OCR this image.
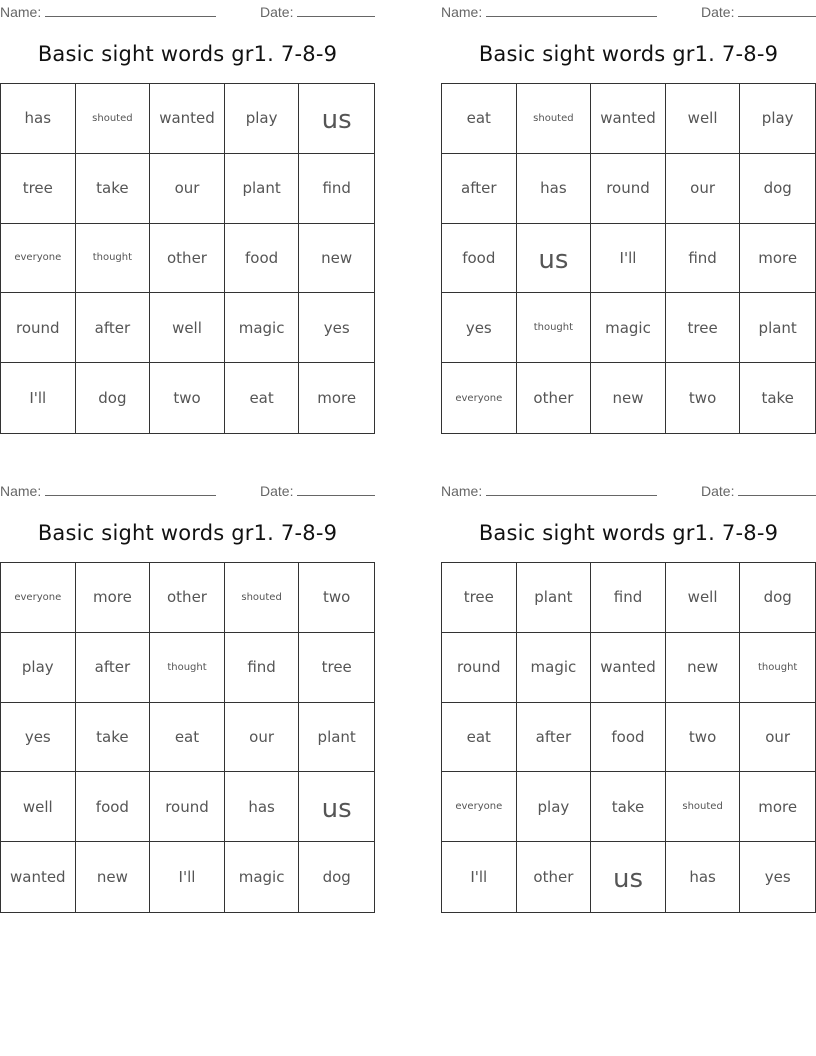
Name:	Date:
Basic sight words gr1. 7-8-9
has	shouted	wanted	play	us
tree	take	our	plant	find
everyone	thought	other	food	new
round	after	well	magic	yes
I'll	dog	two	eat	more
Name:	Date:
Basic sight words gr1. 7-8-9
eat	shouted	wanted	well	play
after	has	round	our	dog
food	us	I'll	find	more
yes	thought	magic	tree	plant
everyone	other	new	two	take
Name:	Date:
Basic sight words gr1. 7-8-9
everyone	more	other	shouted	two
play	after	thought	find	tree
yes	take	eat	our	plant
well	food	round	has	us
wanted	new	I'll	magic	dog
Name:	Date:
Basic sight words gr1. 7-8-9
tree	plant	find	well	dog
round	magic	wanted	new	thought
eat	after	food	two	our
everyone	play	take	shouted	more
I'll	other	us	has	yes
